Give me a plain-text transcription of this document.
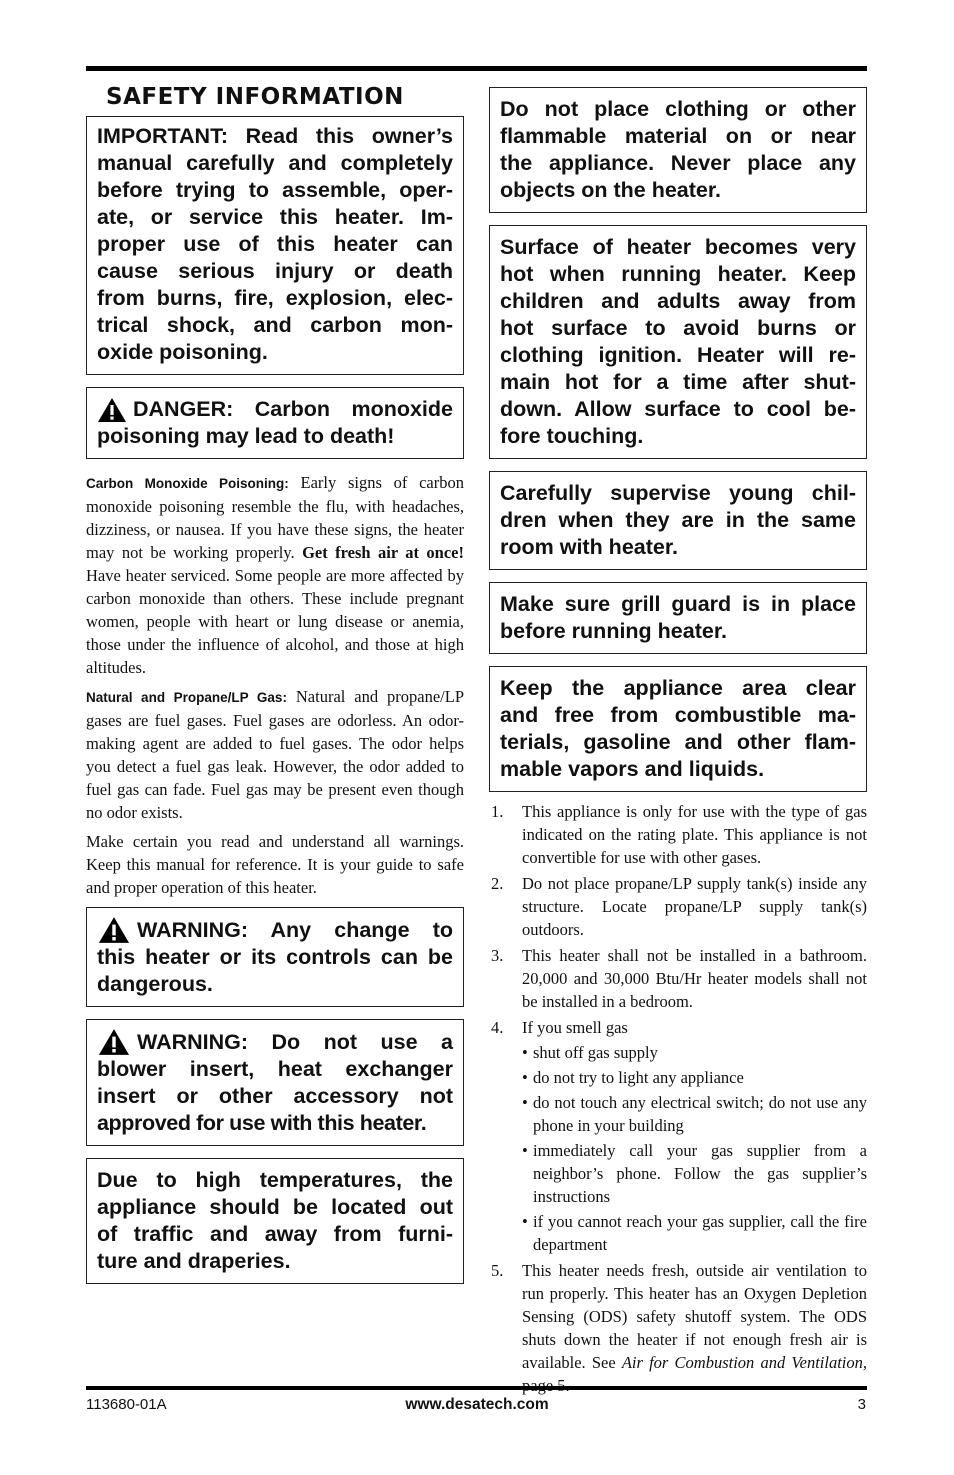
SAFETY INFORMATION
IMPORTANT: Read this owner’s
manual carefully and completely
before trying to assemble, oper-
ate, or service this heater. Im-
proper use of this heater can
cause serious injury or death
from burns, fire, explosion, elec-
trical shock, and carbon mon-
oxide poisoning.
DANGER: Carbon monoxide
poisoning may lead to death!

Carbon Monoxide Poisoning: Early signs of carbon monoxide poisoning resemble the flu, with headaches, dizziness, or nausea. If you have these signs, the heater may not be working properly. Get fresh air at once! Have heater serviced. Some people are more affected by carbon monoxide than others. These include pregnant women, people with heart or lung disease or anemia, those under the influence of alcohol, and those at high altitudes.

Natural and Propane/LP Gas: Natural and propane/LP gases are fuel gases. Fuel gases are odorless. An odor-making agent are added to fuel gases. The odor helps you detect a fuel gas leak. However, the odor added to fuel gas can fade. Fuel gas may be present even though no odor exists.

Make certain you read and understand all warnings. Keep this manual for reference. It is your guide to safe and proper operation of this heater.

WARNING: Any change to
this heater or its controls can be
dangerous.
WARNING: Do not use a
blower insert, heat exchanger
insert or other accessory not
approved for use with this heater.
Due to high temperatures, the
appliance should be located out
of traffic and away from furni-
ture and draperies.
Do not place clothing or other
flammable material on or near
the appliance. Never place any
objects on the heater.
Surface of heater becomes very
hot when running heater. Keep
children and adults away from
hot surface to avoid burns or
clothing ignition. Heater will re-
main hot for a time after shut-
down. Allow surface to cool be-
fore touching.
Carefully supervise young chil-
dren when they are in the same
room with heater.
Make sure grill guard is in place
before running heater.
Keep the appliance area clear
and free from combustible ma-
terials, gasoline and other flam-
mable vapors and liquids.
1. This appliance is only for use with the type of gas indicated on the rating plate. This appliance is not convertible for use with other gases.
2. Do not place propane/LP supply tank(s) inside any structure. Locate propane/LP supply tank(s) outdoors.
3. This heater shall not be installed in a bathroom. 20,000 and 30,000 Btu/Hr heater models shall not be installed in a bedroom.
4. If you smell gas
• shut off gas supply
• do not try to light any appliance
• do not touch any electrical switch; do not use any phone in your building
• immediately call your gas supplier from a neighbor’s phone. Follow the gas supplier’s instructions
• if you cannot reach your gas supplier, call the fire department
5. This heater needs fresh, outside air ventilation to run properly. This heater has an Oxygen Depletion Sensing (ODS) safety shutoff system. The ODS shuts down the heater if not enough fresh air is available. See Air for Combustion and Ventilation,
113680-01A	www.desatech.com	3
